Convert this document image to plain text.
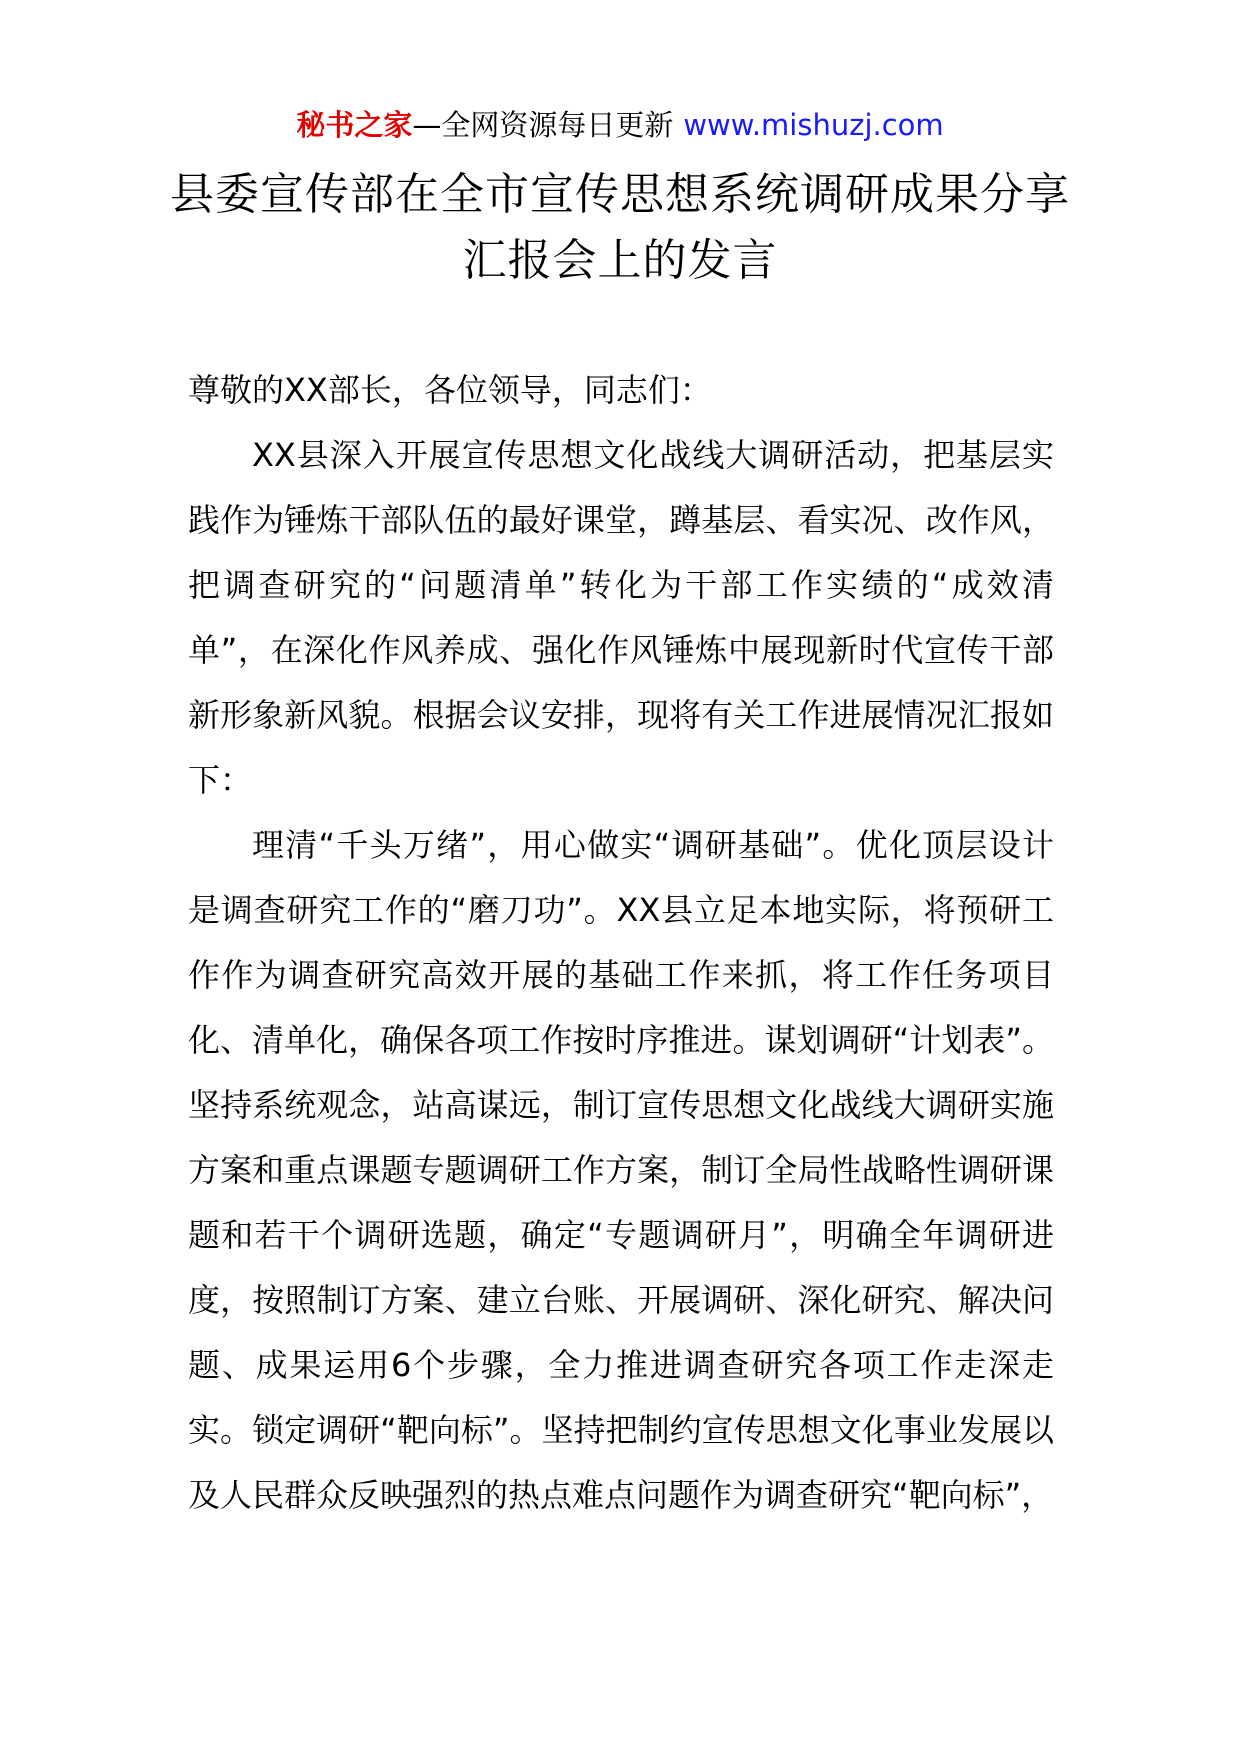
秘书之家—全网资源每日更新 www.mishuzj.com
县委宣传部在全市宣传思想系统调研成果分享汇报会上的发言

尊敬的XX部长，各位领导，同志们：

XX县深入开展宣传思想文化战线大调研活动，把基层实践作为锤炼干部队伍的最好课堂，蹲基层、看实况、改作风，把调查研究的“问题清单”转化为干部工作实绩的“成效清单”，在深化作风养成、强化作风锤炼中展现新时代宣传干部新形象新风貌。根据会议安排，现将有关工作进展情况汇报如下：

理清“千头万绪”，用心做实“调研基础”。优化顶层设计是调查研究工作的“磨刀功”。XX县立足本地实际，将预研工作作为调查研究高效开展的基础工作来抓，将工作任务项目化、清单化，确保各项工作按时序推进。谋划调研“计划表”。坚持系统观念，站高谋远，制订宣传思想文化战线大调研实施方案和重点课题专题调研工作方案，制订全局性战略性调研课题和若干个调研选题，确定“专题调研月”，明确全年调研进度，按照制订方案、建立台账、开展调研、深化研究、解决问题、成果运用6个步骤，全力推进调查研究各项工作走深走实。锁定调研“靶向标”。坚持把制约宣传思想文化事业发展以及人民群众反映强烈的热点难点问题作为调查研究“靶向标”，
